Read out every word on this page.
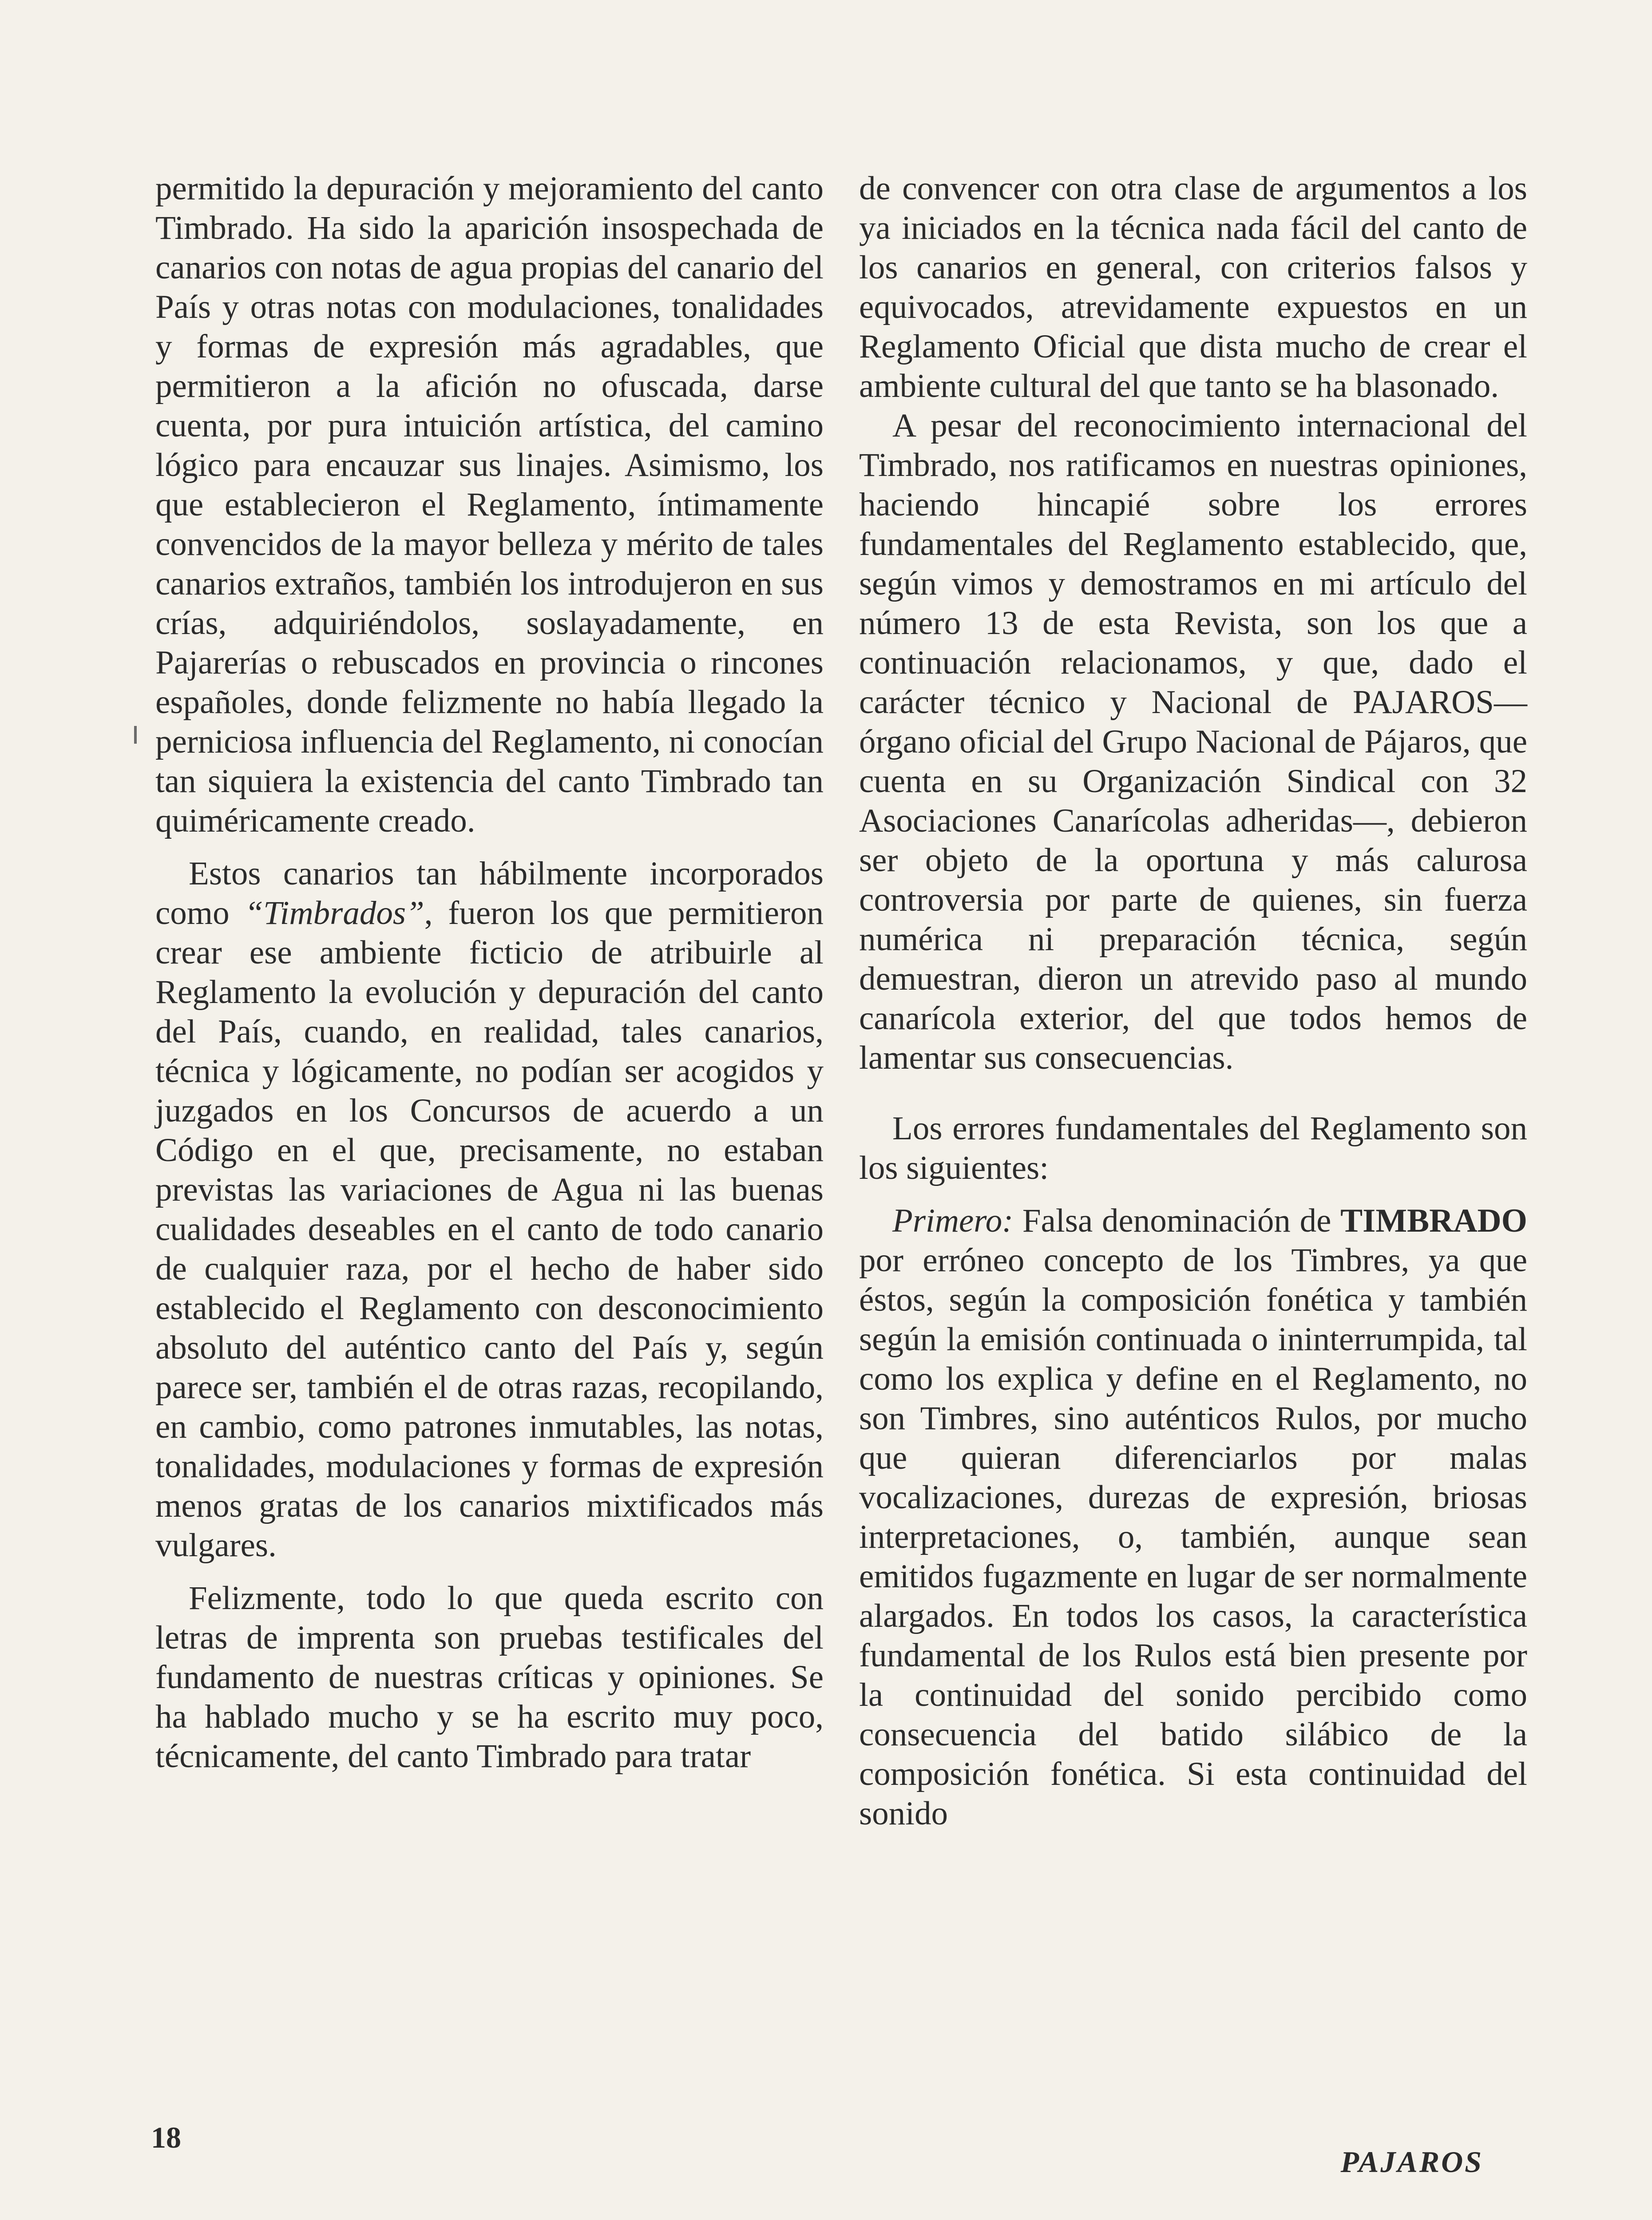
permitido la depuración y mejoramiento del canto Timbrado. Ha sido la aparición insospechada de canarios con notas de agua propias del canario del País y otras notas con modulaciones, tonalidades y formas de expresión más agradables, que permitieron a la afición no ofuscada, darse cuenta, por pura intuición artística, del camino lógico para encauzar sus linajes. Asimismo, los que establecieron el Reglamento, íntimamente convencidos de la mayor belleza y mérito de tales canarios extraños, también los introdujeron en sus crías, adquiriéndolos, soslayadamente, en Pajarerías o rebuscados en provincia o rincones españoles, donde felizmente no había llegado la perniciosa influencia del Reglamento, ni conocían tan siquiera la existencia del canto Timbrado tan quiméricamente creado.

Estos canarios tan hábilmente incorporados como “Timbrados”, fueron los que permitieron crear ese ambiente ficticio de atribuirle al Reglamento la evolución y depuración del canto del País, cuando, en realidad, tales canarios, técnica y lógicamente, no podían ser acogidos y juzgados en los Concursos de acuerdo a un Código en el que, precisamente, no estaban previstas las variaciones de Agua ni las buenas cualidades deseables en el canto de todo canario de cualquier raza, por el hecho de haber sido establecido el Reglamento con desconocimiento absoluto del auténtico canto del País y, según parece ser, también el de otras razas, recopilando, en cambio, como patrones inmutables, las notas, tonalidades, modulaciones y formas de expresión menos gratas de los canarios mixtificados más vulgares.

Felizmente, todo lo que queda escrito con letras de imprenta son pruebas testificales del fundamento de nuestras críticas y opiniones. Se ha hablado mucho y se ha escrito muy poco, técnicamente, del canto Timbrado para tratar

de convencer con otra clase de argumentos a los ya iniciados en la técnica nada fácil del canto de los canarios en general, con criterios falsos y equivocados, atrevidamente expuestos en un Reglamento Oficial que dista mucho de crear el ambiente cultural del que tanto se ha blasonado.

A pesar del reconocimiento internacional del Timbrado, nos ratificamos en nuestras opiniones, haciendo hincapié sobre los errores fundamentales del Reglamento establecido, que, según vimos y demostramos en mi artículo del número 13 de esta Revista, son los que a continuación relacionamos, y que, dado el carácter técnico y Nacional de PAJAROS—órgano oficial del Grupo Nacional de Pájaros, que cuenta en su Organización Sindical con 32 Asociaciones Canarícolas adheridas—, debieron ser objeto de la oportuna y más calurosa controversia por parte de quienes, sin fuerza numérica ni preparación técnica, según demuestran, dieron un atrevido paso al mundo canarícola exterior, del que todos hemos de lamentar sus consecuencias.

Los errores fundamentales del Reglamento son los siguientes:

Primero: Falsa denominación de TIMBRADO por erróneo concepto de los Timbres, ya que éstos, según la composición fonética y también según la emisión continuada o ininterrumpida, tal como los explica y define en el Reglamento, no son Timbres, sino auténticos Rulos, por mucho que quieran diferenciarlos por malas vocalizaciones, durezas de expresión, briosas interpretaciones, o, también, aunque sean emitidos fugazmente en lugar de ser normalmente alargados. En todos los casos, la característica fundamental de los Rulos está bien presente por la continuidad del sonido percibido como consecuencia del batido silábico de la composición fonética. Si esta continuidad del sonido

18
PAJAROS
